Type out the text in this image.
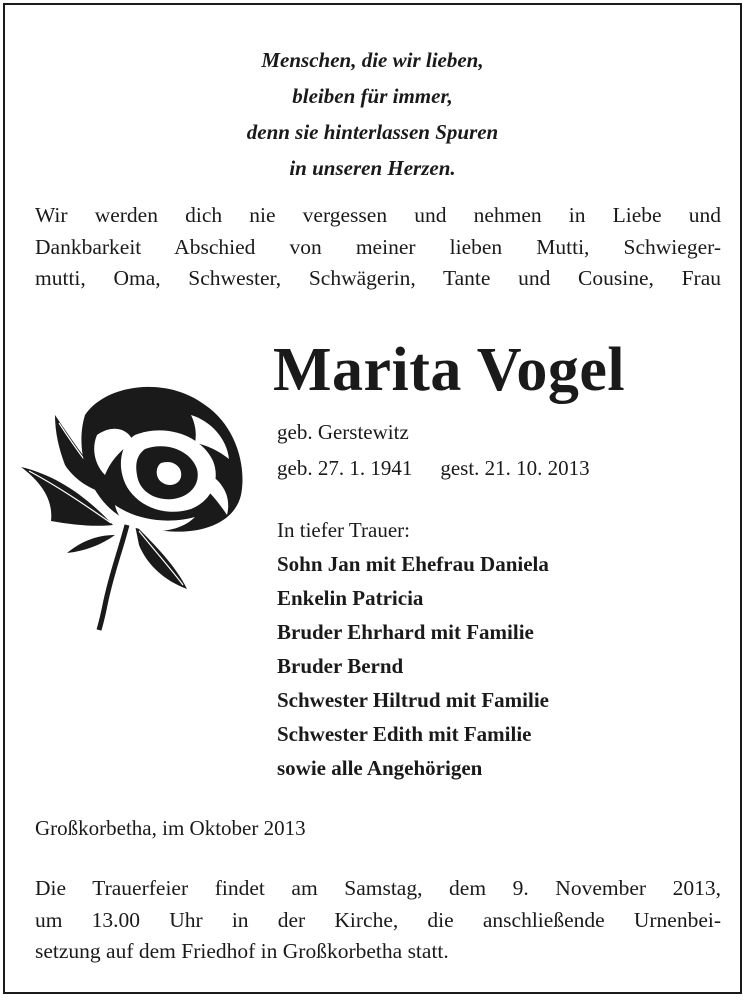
Menschen, die wir lieben,
bleiben für immer,
denn sie hinterlassen Spuren
in unseren Herzen.
Wir werden dich nie vergessen und nehmen in Liebe und
Dankbarkeit Abschied von meiner lieben Mutti, Schwieger-
mutti, Oma, Schwester, Schwägerin, Tante und Cousine, Frau
Marita Vogel
geb. Gerstewitz
geb. 27. 1. 1941 gest. 21. 10. 2013
In tiefer Trauer:
Sohn Jan mit Ehefrau Daniela
Enkelin Patricia
Bruder Ehrhard mit Familie
Bruder Bernd
Schwester Hiltrud mit Familie
Schwester Edith mit Familie
sowie alle Angehörigen
Großkorbetha, im Oktober 2013
Die Trauerfeier findet am Samstag, dem 9. November 2013,
um 13.00 Uhr in der Kirche, die anschließende Urnenbei-
setzung auf dem Friedhof in Großkorbetha statt.
